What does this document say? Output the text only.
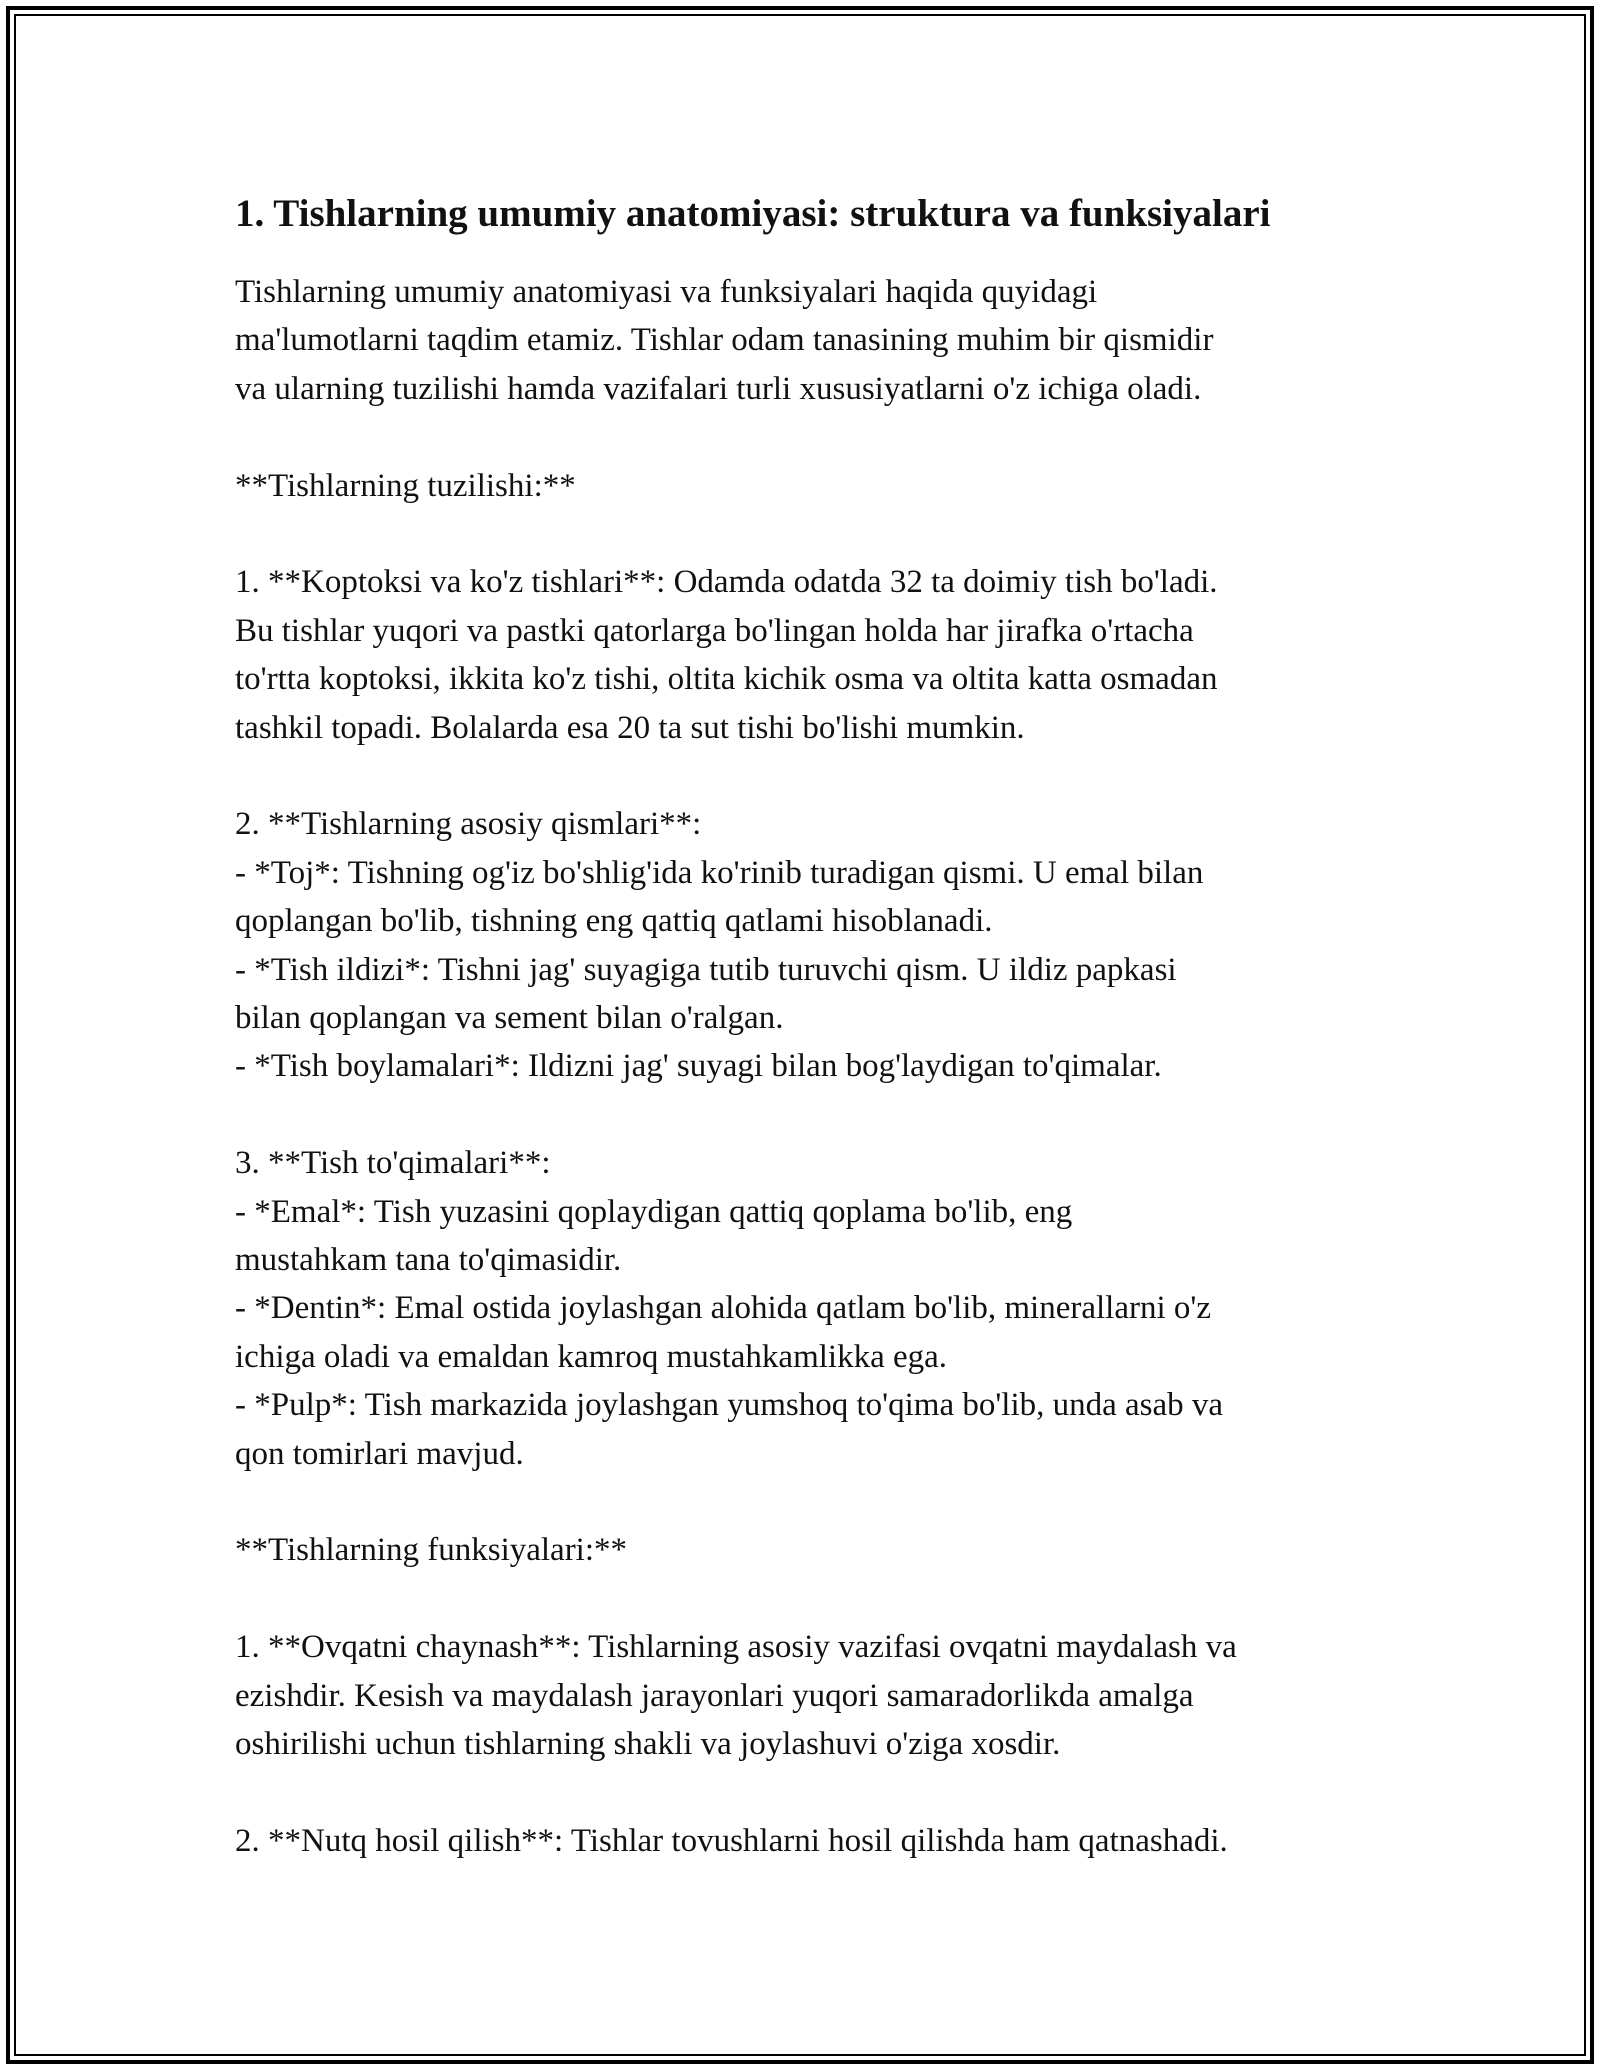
1. Tishlarning umumiy anatomiyasi: struktura va funksiyalari

Tishlarning umumiy anatomiyasi va funksiyalari haqida quyidagi
ma'lumotlarni taqdim etamiz. Tishlar odam tanasining muhim bir qismidir
va ularning tuzilishi hamda vazifalari turli xususiyatlarni o'z ichiga oladi.

**Tishlarning tuzilishi:**

1. **Koptoksi va ko'z tishlari**: Odamda odatda 32 ta doimiy tish bo'ladi.
Bu tishlar yuqori va pastki qatorlarga bo'lingan holda har jirafka o'rtacha
to'rtta koptoksi, ikkita ko'z tishi, oltita kichik osma va oltita katta osmadan
tashkil topadi. Bolalarda esa 20 ta sut tishi bo'lishi mumkin.

2. **Tishlarning asosiy qismlari**:
- *Toj*: Tishning og'iz bo'shlig'ida ko'rinib turadigan qismi. U emal bilan
qoplangan bo'lib, tishning eng qattiq qatlami hisoblanadi.
- *Tish ildizi*: Tishni jag' suyagiga tutib turuvchi qism. U ildiz papkasi
bilan qoplangan va sement bilan o'ralgan.
- *Tish boylamalari*: Ildizni jag' suyagi bilan bog'laydigan to'qimalar.

3. **Tish to'qimalari**:
- *Emal*: Tish yuzasini qoplaydigan qattiq qoplama bo'lib, eng
mustahkam tana to'qimasidir.
- *Dentin*: Emal ostida joylashgan alohida qatlam bo'lib, minerallarni o'z
ichiga oladi va emaldan kamroq mustahkamlikka ega.
- *Pulp*: Tish markazida joylashgan yumshoq to'qima bo'lib, unda asab va
qon tomirlari mavjud.

**Tishlarning funksiyalari:**

1. **Ovqatni chaynash**: Tishlarning asosiy vazifasi ovqatni maydalash va
ezishdir. Kesish va maydalash jarayonlari yuqori samaradorlikda amalga
oshirilishi uchun tishlarning shakli va joylashuvi o'ziga xosdir.

2. **Nutq hosil qilish**: Tishlar tovushlarni hosil qilishda ham qatnashadi.
